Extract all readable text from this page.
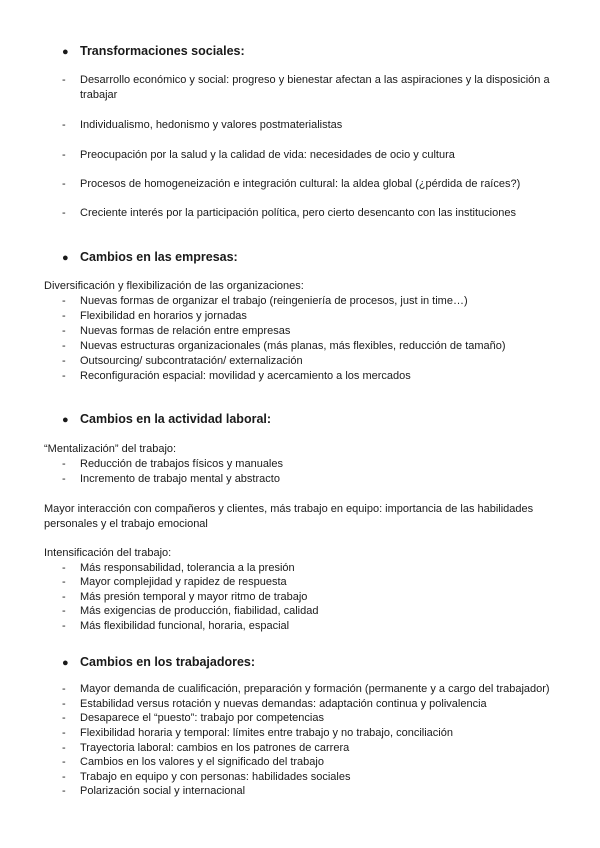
● Transformaciones sociales:
- Desarrollo económico y social: progreso y bienestar afectan a las aspiraciones y la disposición a trabajar
- Individualismo, hedonismo y valores postmaterialistas
- Preocupación por la salud y la calidad de vida: necesidades de ocio y cultura
- Procesos de homogeneización e integración cultural: la aldea global (¿pérdida de raíces?)
- Creciente interés por la participación política, pero cierto desencanto con las instituciones
● Cambios en las empresas:
Diversificación y flexibilización de las organizaciones:
- Nuevas formas de organizar el trabajo (reingeniería de procesos, just in time…)
- Flexibilidad en horarios y jornadas
- Nuevas formas de relación entre empresas
- Nuevas estructuras organizacionales (más planas, más flexibles, reducción de tamaño)
- Outsourcing/ subcontratación/ externalización
- Reconfiguración espacial: movilidad y acercamiento a los mercados
● Cambios en la actividad laboral:
“Mentalización” del trabajo:
- Reducción de trabajos físicos y manuales
- Incremento de trabajo mental y abstracto
Mayor interacción con compañeros y clientes, más trabajo en equipo: importancia de las habilidades personales y el trabajo emocional
Intensificación del trabajo:
- Más responsabilidad, tolerancia a la presión
- Mayor complejidad y rapidez de respuesta
- Más presión temporal y mayor ritmo de trabajo
- Más exigencias de producción, fiabilidad, calidad
- Más flexibilidad funcional, horaria, espacial
● Cambios en los trabajadores:
- Mayor demanda de cualificación, preparación y formación (permanente y a cargo del trabajador)
- Estabilidad versus rotación y nuevas demandas: adaptación continua y polivalencia
- Desaparece el “puesto”: trabajo por competencias
- Flexibilidad horaria y temporal: límites entre trabajo y no trabajo, conciliación
- Trayectoria laboral: cambios en los patrones de carrera
- Cambios en los valores y el significado del trabajo
- Trabajo en equipo y con personas: habilidades sociales
- Polarización social y internacional
